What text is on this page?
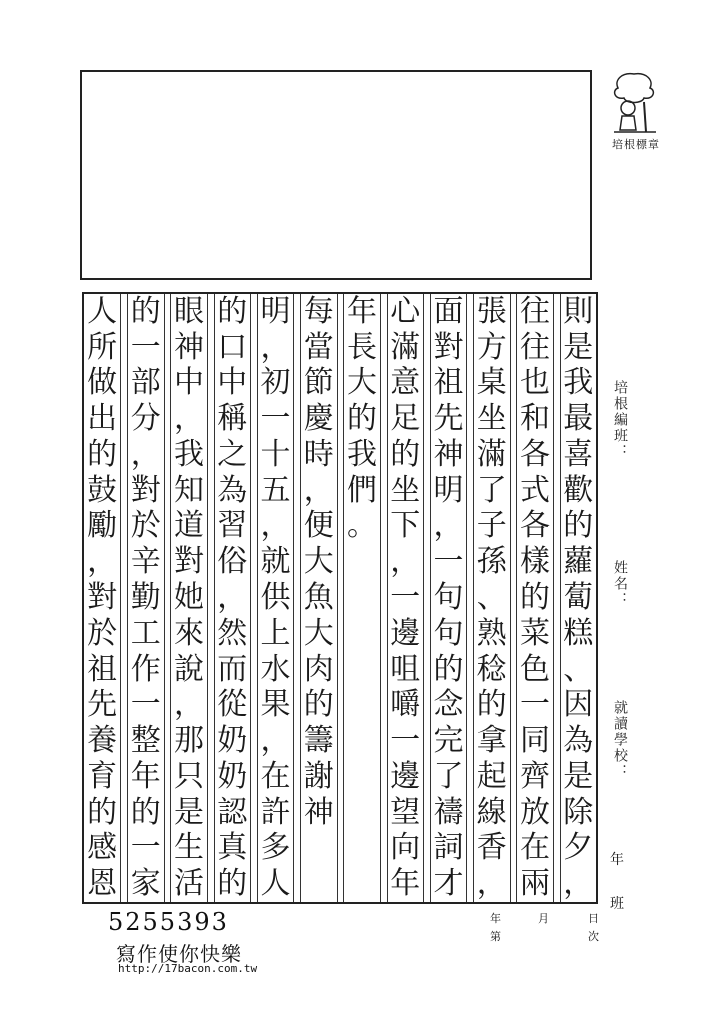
培根標章
則
是
我
最
喜
歡
的
蘿
蔔
糕
、
因
為
是
除
夕
，
往
往
也
和
各
式
各
樣
的
菜
色
一
同
齊
放
在
兩
張
方
桌
坐
滿
了
子
孫
、
熟
稔
的
拿
起
線
香
，
面
對
祖
先
神
明
，
一
句
句
的
念
完
了
禱
詞
才
心
滿
意
足
的
坐
下
，
一
邊
咀
嚼
一
邊
望
向
年
年
長
大
的
我
們
。
每
當
節
慶
時
，
便
大
魚
大
肉
的
籌
謝
神
明
，
初
一
十
五
，
就
供
上
水
果
，
在
許
多
人
的
口
中
稱
之
為
習
俗
，
然
而
從
奶
奶
認
真
的
眼
神
中
，
我
知
道
對
她
來
說
，
那
只
是
生
活
的
一
部
分
，
對
於
辛
勤
工
作
一
整
年
的
一
家
人
所
做
出
的
鼓
勵
，
對
於
祖
先
養
育
的
感
恩
培根編班：
姓名：
就讀學校：
年
班
年	月	日
第	次
5255393
寫作使你快樂
http://17bacon.com.tw
